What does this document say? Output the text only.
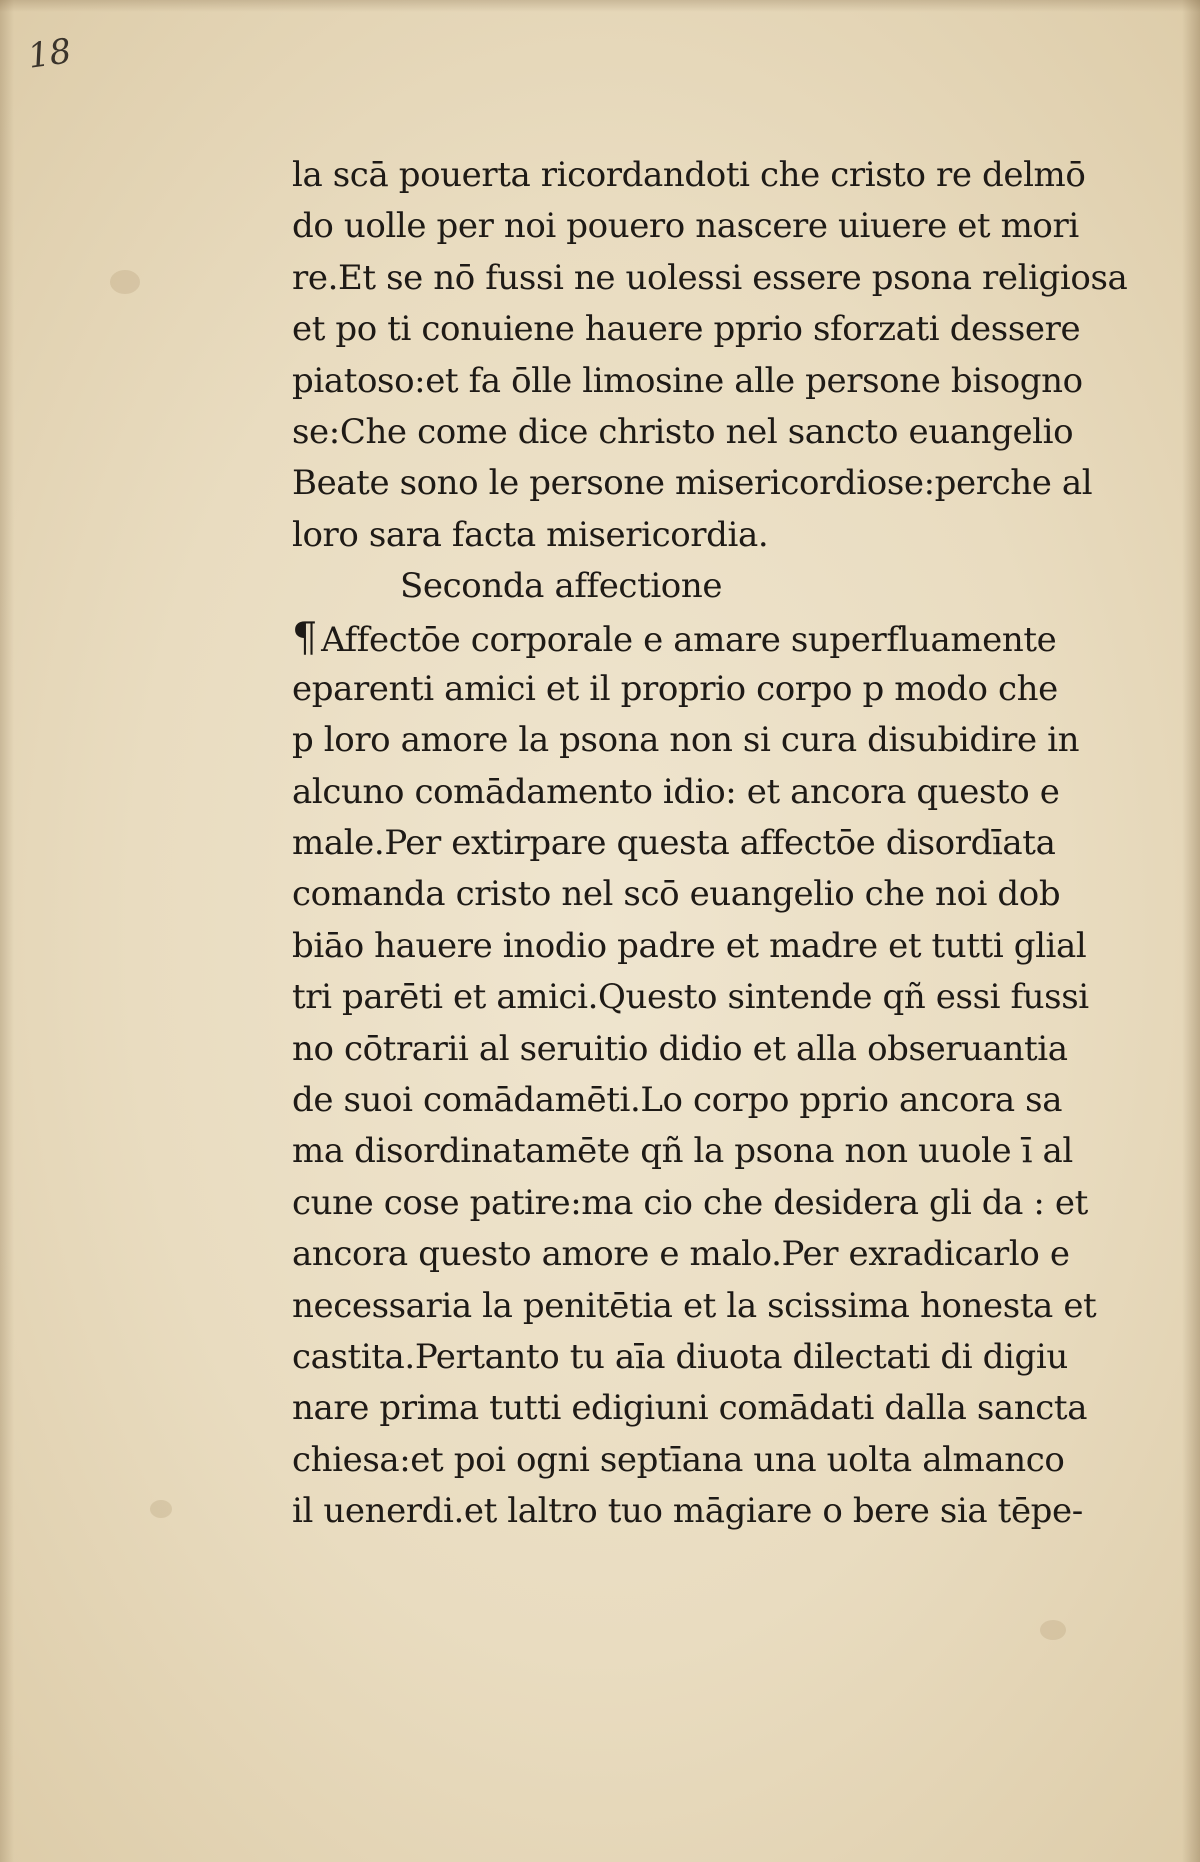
18
la scā pouerta ricordandoti che cristo re delmō
do uolle per noi pouero nascere uiuere et mori
re.Et se nō fussi ne uolessi essere psona religiosa
et po ti conuiene hauere pprio sforzati dessere
piatoso:et fa ōlle limosine alle persone bisogno
se:Che come dice christo nel sancto euangelio
Beate sono le persone misericordiose:perche al
loro sara facta misericordia.
Seconda affectione
¶ Affectōe corporale e amare superfluamente
eparenti amici et il proprio corpo p modo che
p loro amore la psona non si cura disubidire in
alcuno comādamento idio: et ancora questo e
male.Per extirpare questa affectōe disordīata
comanda cristo nel scō euangelio che noi dob
biāo hauere inodio padre et madre et tutti glial
tri parēti et amici.Questo sintende qñ essi fussi
no cōtrarii al seruitio didio et alla obseruantia
de suoi comādamēti.Lo corpo pprio ancora sa
ma disordinatamēte qñ la psona non uuole ī al
cune cose patire:ma cio che desidera gli da : et
ancora questo amore e malo.Per exradicarlo e
necessaria la penitētia et la scissima honesta et
castita.Pertanto tu aīa diuota dilectati di digiu
nare prima tutti edigiuni comādati dalla sancta
chiesa:et poi ogni septīana una uolta almanco
il uenerdi.et laltro tuo māgiare o bere sia tēpe-
